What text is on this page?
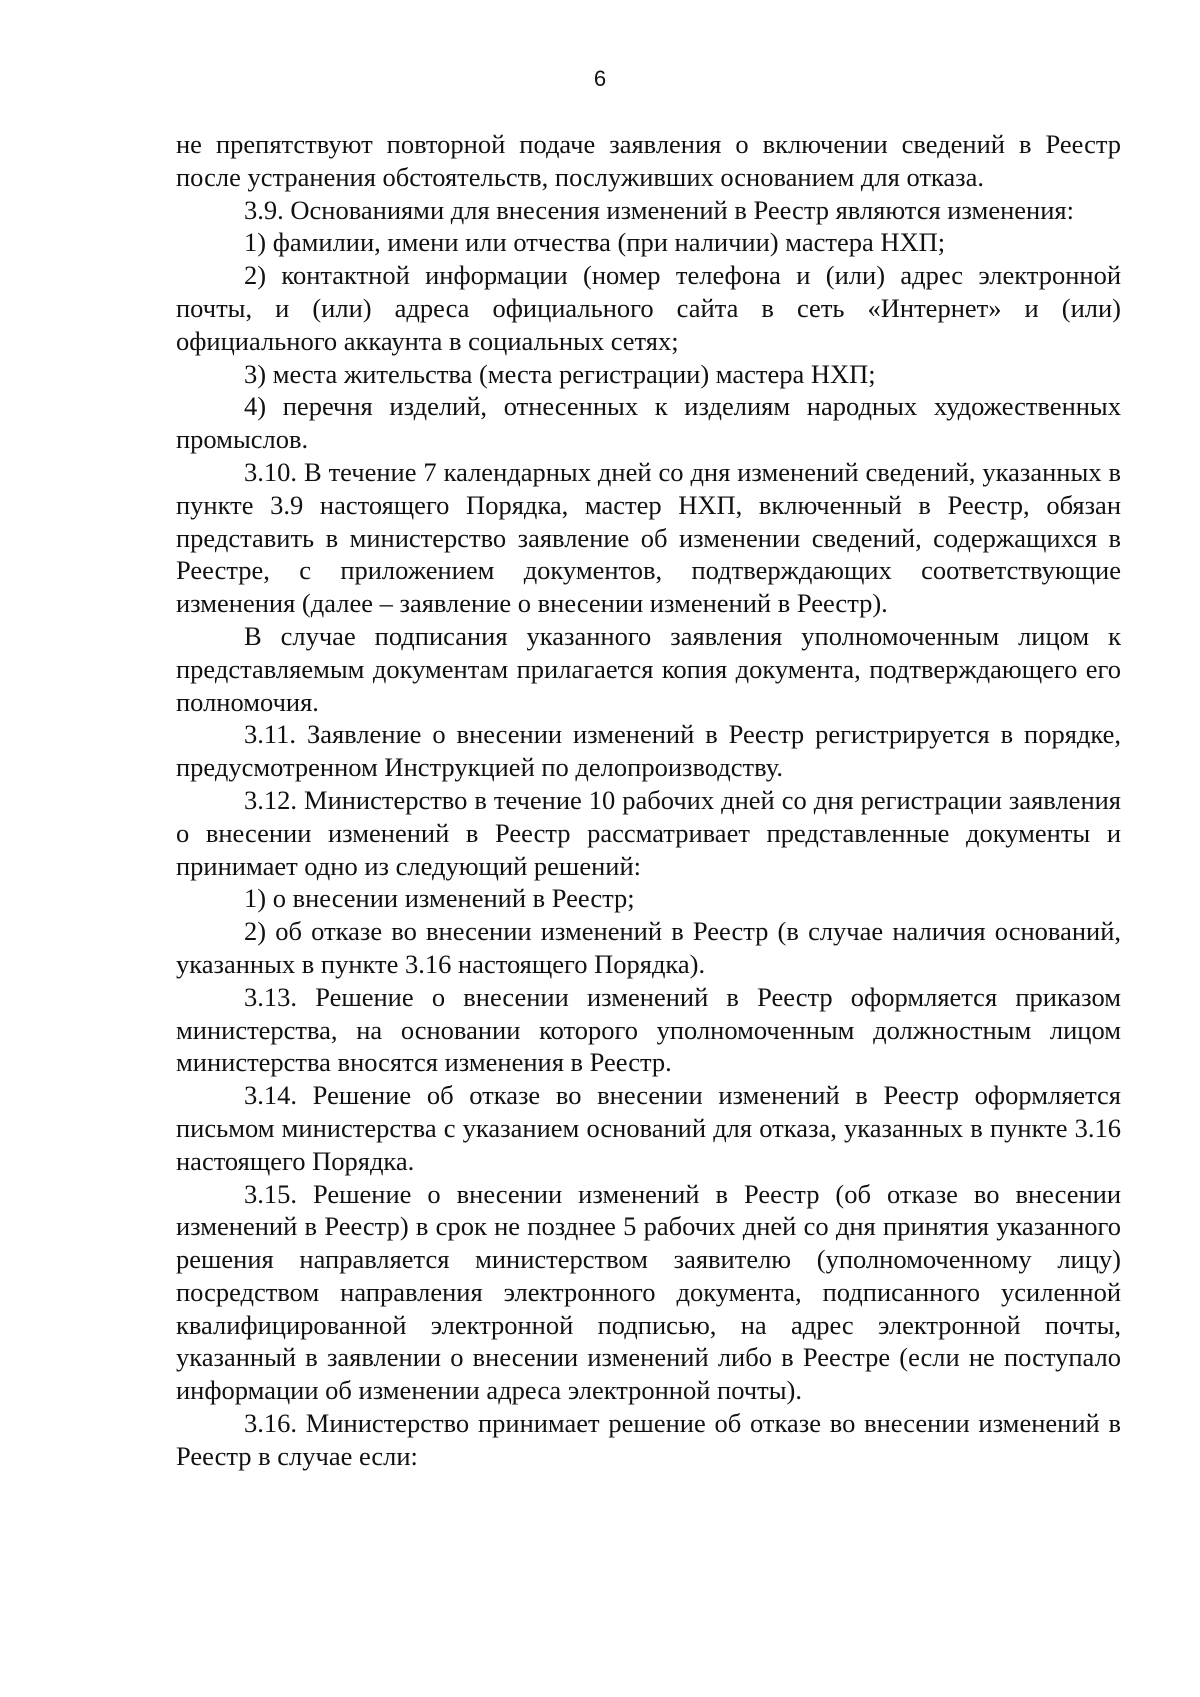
6

не препятствуют повторной подаче заявления о включении сведений в Реестр после устранения обстоятельств, послуживших основанием для отказа.

3.9. Основаниями для внесения изменений в Реестр являются изменения:

1) фамилии, имени или отчества (при наличии) мастера НХП;

2) контактной информации (номер телефона и (или) адрес электронной почты, и (или) адреса официального сайта в сеть «Интернет» и (или) официального аккаунта в социальных сетях;

3) места жительства (места регистрации) мастера НХП;

4) перечня изделий, отнесенных к изделиям народных художественных промыслов.

3.10. В течение 7 календарных дней со дня изменений сведений, указанных в пункте 3.9 настоящего Порядка, мастер НХП, включенный в Реестр, обязан представить в министерство заявление об изменении сведений, содержащихся в Реестре, с приложением документов, подтверждающих соответствующие изменения (далее – заявление о внесении изменений в Реестр).

В случае подписания указанного заявления уполномоченным лицом к представляемым документам прилагается копия документа, подтверждающего его полномочия.

3.11. Заявление о внесении изменений в Реестр регистрируется в порядке, предусмотренном Инструкцией по делопроизводству.

3.12. Министерство в течение 10 рабочих дней со дня регистрации заявления о внесении изменений в Реестр рассматривает представленные документы и принимает одно из следующий решений:

1) о внесении изменений в Реестр;

2) об отказе во внесении изменений в Реестр (в случае наличия оснований, указанных в пункте 3.16 настоящего Порядка).

3.13. Решение о внесении изменений в Реестр оформляется приказом министерства, на основании которого уполномоченным должностным лицом министерства вносятся изменения в Реестр.

3.14. Решение об отказе во внесении изменений в Реестр оформляется письмом министерства с указанием оснований для отказа, указанных в пункте 3.16 настоящего Порядка.

3.15. Решение о внесении изменений в Реестр (об отказе во внесении изменений в Реестр) в срок не позднее 5 рабочих дней со дня принятия указанного решения направляется министерством заявителю (уполномоченному лицу) посредством направления электронного документа, подписанного усиленной квалифицированной электронной подписью, на адрес электронной почты, указанный в заявлении о внесении изменений либо в Реестре (если не поступало информации об изменении адреса электронной почты).

3.16. Министерство принимает решение об отказе во внесении изменений в Реестр в случае если:
